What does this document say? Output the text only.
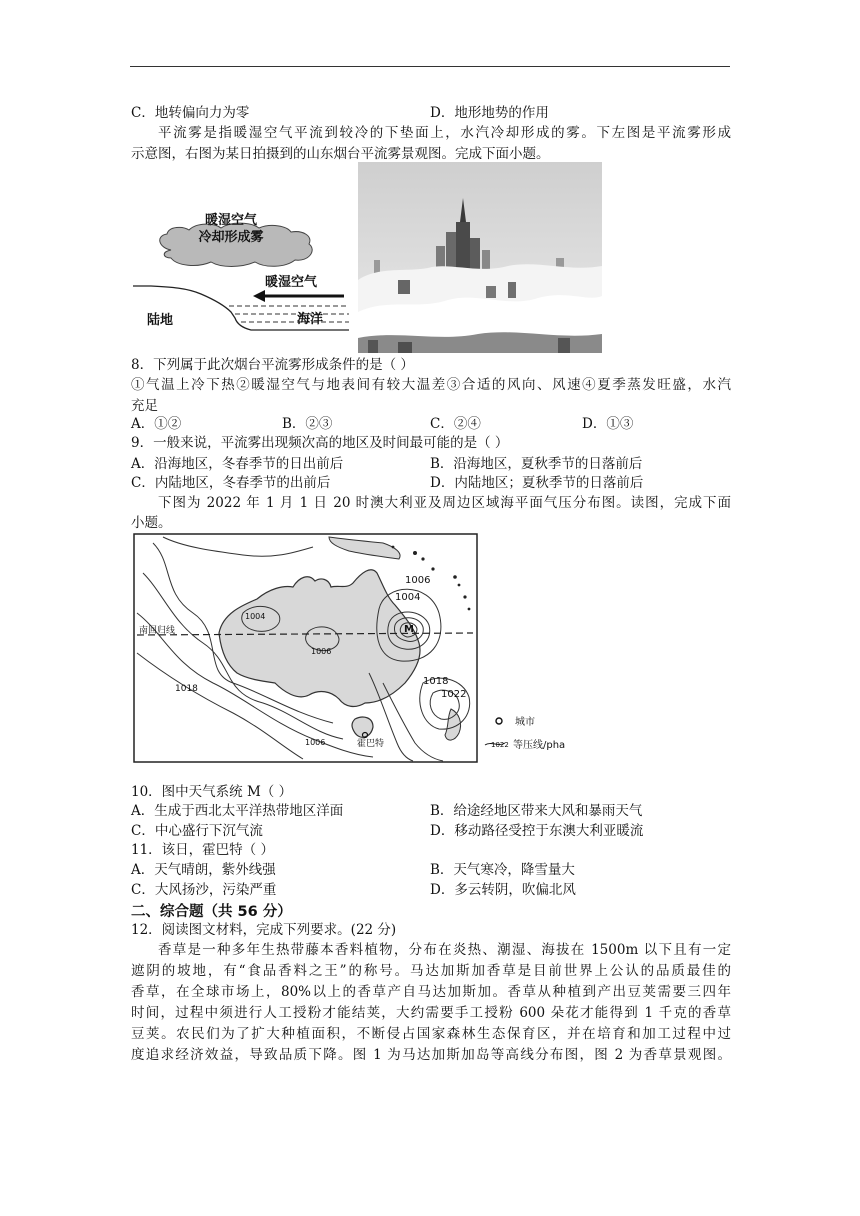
C．地转偏向力为零	D．地形地势的作用
平流雾是指暖湿空气平流到较冷的下垫面上，水汽冷却形成的雾。下左图是平流雾形成
示意图，右图为某日拍摄到的山东烟台平流雾景观图。完成下面小题。
暖湿空气
冷却形成雾
暖湿空气
陆地	海洋
8．下列属于此次烟台平流雾形成条件的是（ ）
①气温上冷下热②暖湿空气与地表间有较大温差③合适的风向、风速④夏季蒸发旺盛，水汽
充足
A．①②	B．②③	C．②④	D．①③
9．一般来说，平流雾出现频次高的地区及时间最可能的是（ ）
A．沿海地区，冬春季节的日出前后	B．沿海地区，夏秋季节的日落前后
C．内陆地区，冬春季节的出前后	D．内陆地区；夏秋季节的日落前后
下图为 2022 年 1 月 1 日 20 时澳大利亚及周边区域海平面气压分布图。读图，完成下面
小题。
南回归线
1006
1004
1004
1006
1018
1018
1022
1006
M
霍巴特
城市
1022 等压线/pha
10．图中天气系统 M（ ）
A．生成于西北太平洋热带地区洋面	B．给途经地区带来大风和暴雨天气
C．中心盛行下沉气流	D．移动路径受控于东澳大利亚暖流
11．该日，霍巴特（ ）
A．天气晴朗，紫外线强	B．天气寒冷，降雪量大
C．大风扬沙，污染严重	D．多云转阴，吹偏北风
二、综合题（共 56 分）
12．阅读图文材料，完成下列要求。(22 分)
香草是一种多年生热带藤本香料植物，分布在炎热、潮湿、海拔在 1500m 以下且有一定
遮阴的坡地，有“食品香料之王”的称号。马达加斯加香草是目前世界上公认的品质最佳的
香草，在全球市场上，80%以上的香草产自马达加斯加。香草从种植到产出豆荚需要三四年
时间，过程中须进行人工授粉才能结荚，大约需要手工授粉 600 朵花才能得到 1 千克的香草
豆荚。农民们为了扩大种植面积，不断侵占国家森林生态保育区，并在培育和加工过程中过
度追求经济效益，导致品质下降。图 1 为马达加斯加岛等高线分布图，图 2 为香草景观图。
